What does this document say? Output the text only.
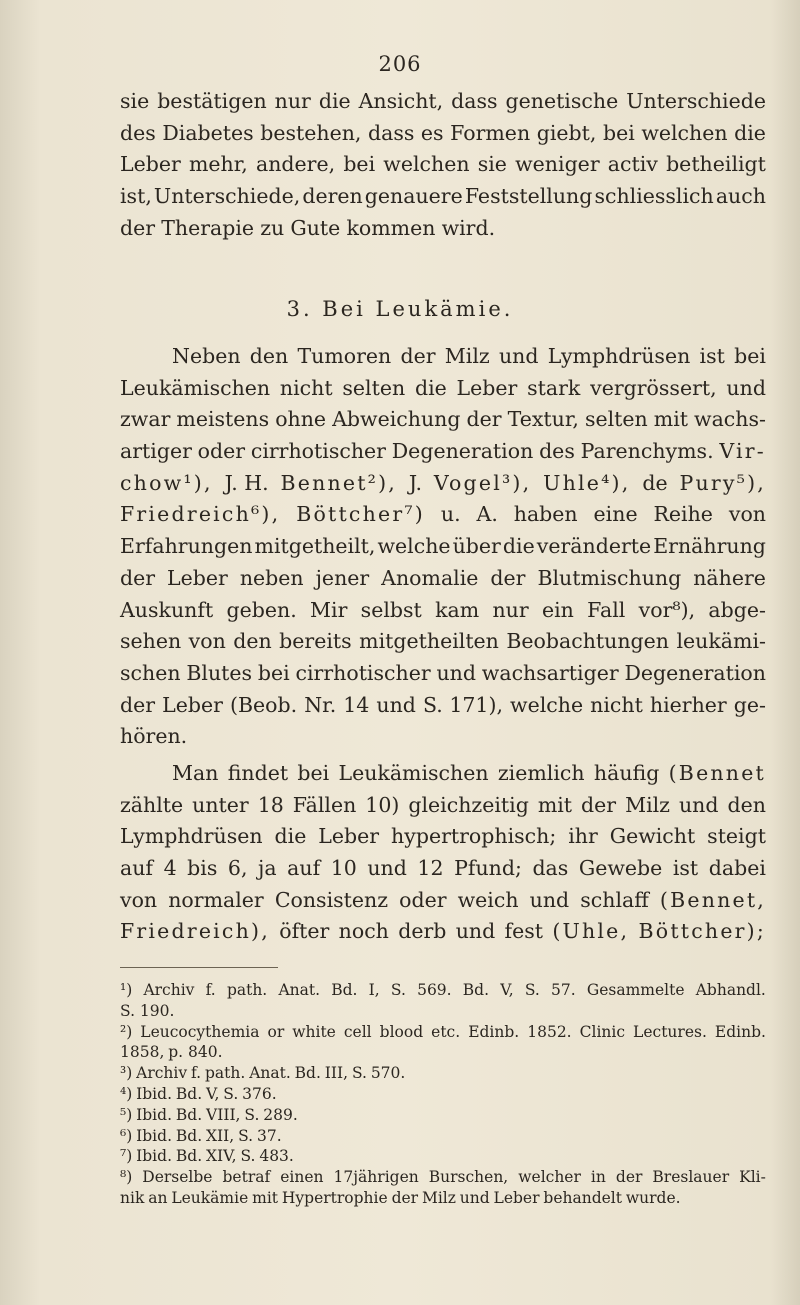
206
sie bestätigen nur die Ansicht, dass genetische Unterschiede
des Diabetes bestehen, dass es Formen giebt, bei welchen die
Leber mehr, andere, bei welchen sie weniger activ betheiligt
ist, Unterschiede, deren genauere Feststellung schliesslich auch
der Therapie zu Gute kommen wird.
3. Bei Leukämie.
Neben den Tumoren der Milz und Lymphdrüsen ist bei
Leukämischen nicht selten die Leber stark vergrössert, und
zwar meistens ohne Abweichung der Textur, selten mit wachs-
artiger oder cirrhotischer Degeneration des Parenchyms. Vir-
chow¹), J. H. Bennet²), J. Vogel³), Uhle⁴), de Pury⁵),
Friedreich⁶), Böttcher⁷) u. A. haben eine Reihe von
Erfahrungen mitgetheilt, welche über die veränderte Ernährung
der Leber neben jener Anomalie der Blutmischung nähere
Auskunft geben. Mir selbst kam nur ein Fall vor⁸), abge-
sehen von den bereits mitgetheilten Beobachtungen leukämi-
schen Blutes bei cirrhotischer und wachsartiger Degeneration
der Leber (Beob. Nr. 14 und S. 171), welche nicht hierher ge-
hören.
Man findet bei Leukämischen ziemlich häufig (Bennet
zählte unter 18 Fällen 10) gleichzeitig mit der Milz und den
Lymphdrüsen die Leber hypertrophisch; ihr Gewicht steigt
auf 4 bis 6, ja auf 10 und 12 Pfund; das Gewebe ist dabei
von normaler Consistenz oder weich und schlaff (Bennet,
Friedreich), öfter noch derb und fest (Uhle, Böttcher);
¹) Archiv f. path. Anat. Bd. I, S. 569. Bd. V, S. 57. Gesammelte Abhandl.
S. 190.
²) Leucocythemia or white cell blood etc. Edinb. 1852. Clinic Lectures. Edinb.
1858, p. 840.
³) Archiv f. path. Anat. Bd. III, S. 570.
⁴) Ibid. Bd. V, S. 376.
⁵) Ibid. Bd. VIII, S. 289.
⁶) Ibid. Bd. XII, S. 37.
⁷) Ibid. Bd. XIV, S. 483.
⁸) Derselbe betraf einen 17jährigen Burschen, welcher in der Breslauer Kli-
nik an Leukämie mit Hypertrophie der Milz und Leber behandelt wurde.
